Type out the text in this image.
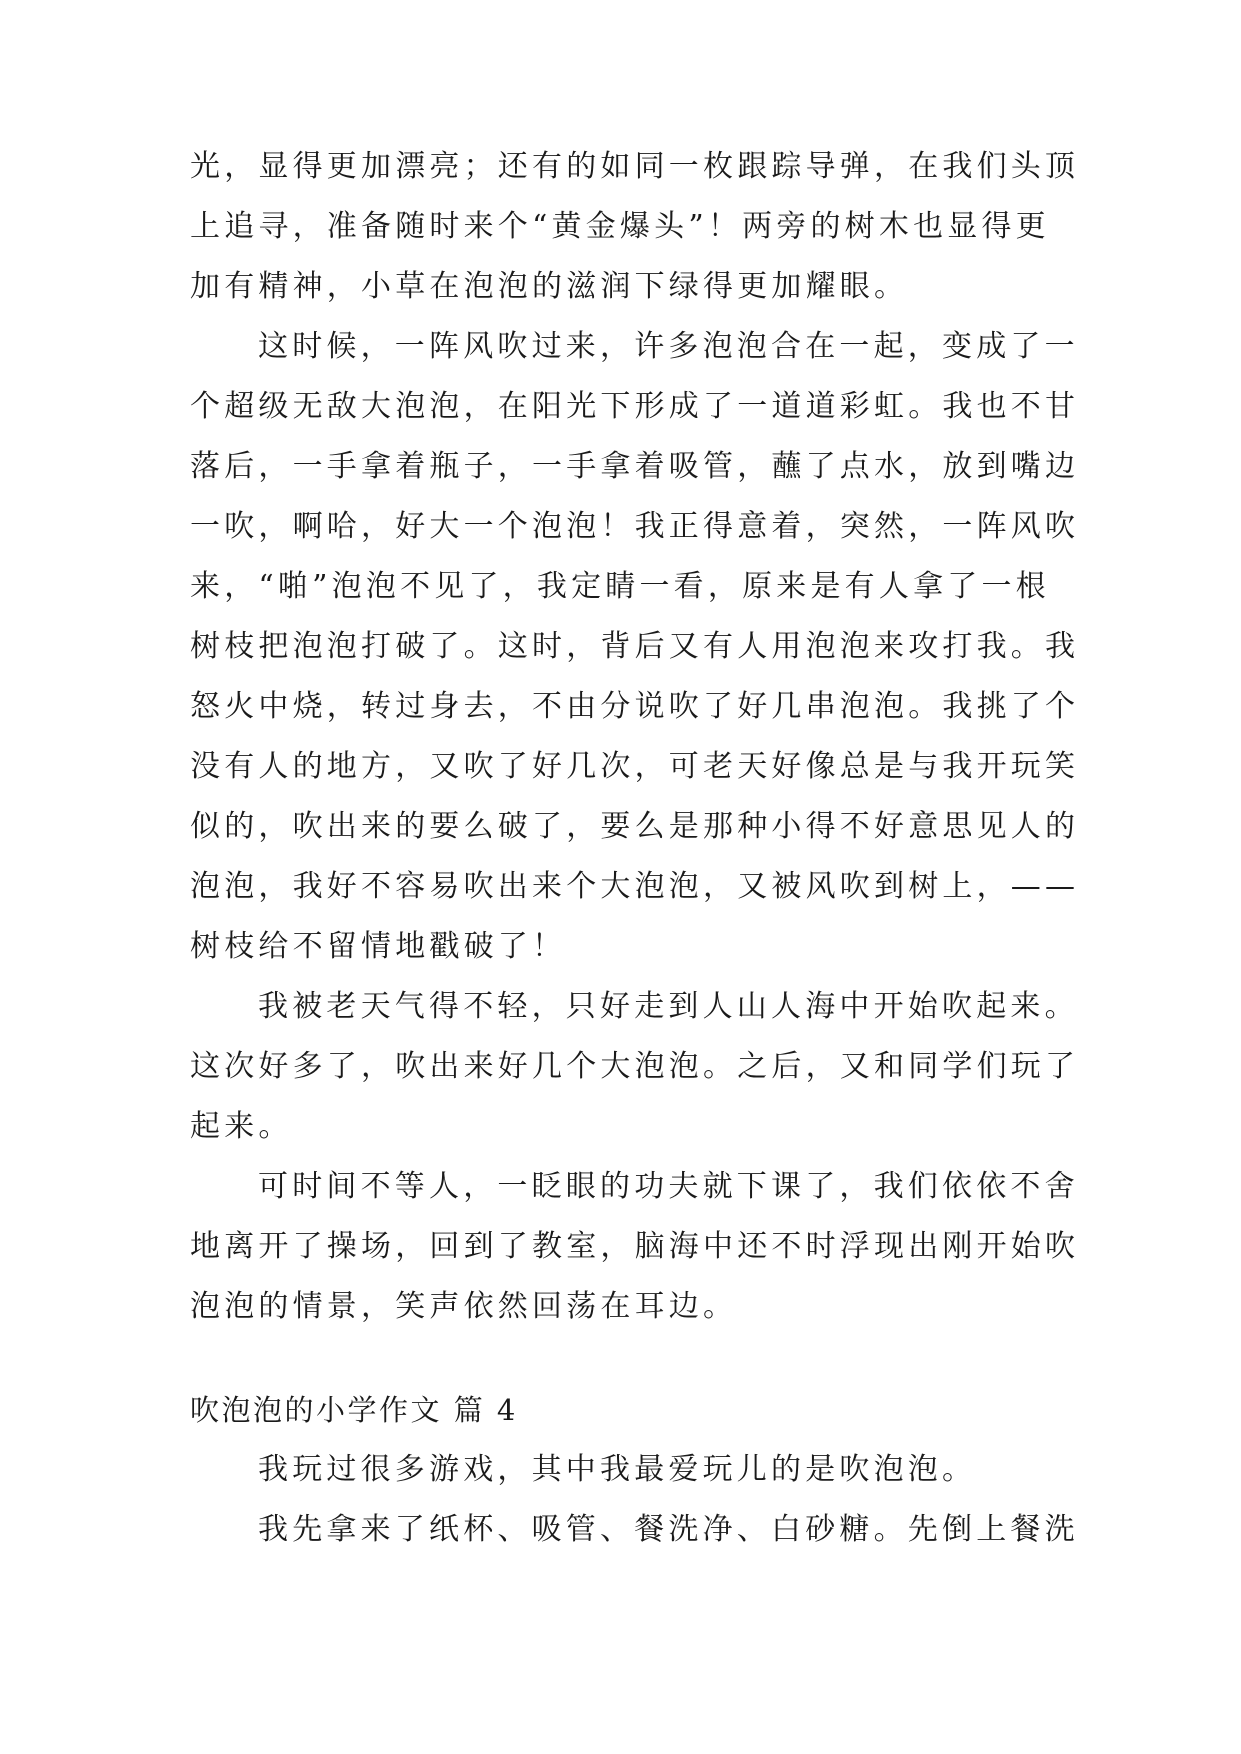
光，显得更加漂亮；还有的如同一枚跟踪导弹，在我们头顶
上追寻，准备随时来个“黄金爆头”！两旁的树木也显得更
加有精神，小草在泡泡的滋润下绿得更加耀眼。
这时候，一阵风吹过来，许多泡泡合在一起，变成了一
个超级无敌大泡泡，在阳光下形成了一道道彩虹。我也不甘
落后，一手拿着瓶子，一手拿着吸管，蘸了点水，放到嘴边
一吹，啊哈，好大一个泡泡！我正得意着，突然，一阵风吹
来，“啪”泡泡不见了，我定睛一看，原来是有人拿了一根
树枝把泡泡打破了。这时，背后又有人用泡泡来攻打我。我
怒火中烧，转过身去，不由分说吹了好几串泡泡。我挑了个
没有人的地方，又吹了好几次，可老天好像总是与我开玩笑
似的，吹出来的要么破了，要么是那种小得不好意思见人的
泡泡，我好不容易吹出来个大泡泡，又被风吹到树上，——
树枝给不留情地戳破了！
我被老天气得不轻，只好走到人山人海中开始吹起来。
这次好多了，吹出来好几个大泡泡。之后，又和同学们玩了
起来。
可时间不等人，一眨眼的功夫就下课了，我们依依不舍
地离开了操场，回到了教室，脑海中还不时浮现出刚开始吹
泡泡的情景，笑声依然回荡在耳边。
吹泡泡的小学作文 篇 4
我玩过很多游戏，其中我最爱玩儿的是吹泡泡。
我先拿来了纸杯、吸管、餐洗净、白砂糖。先倒上餐洗
